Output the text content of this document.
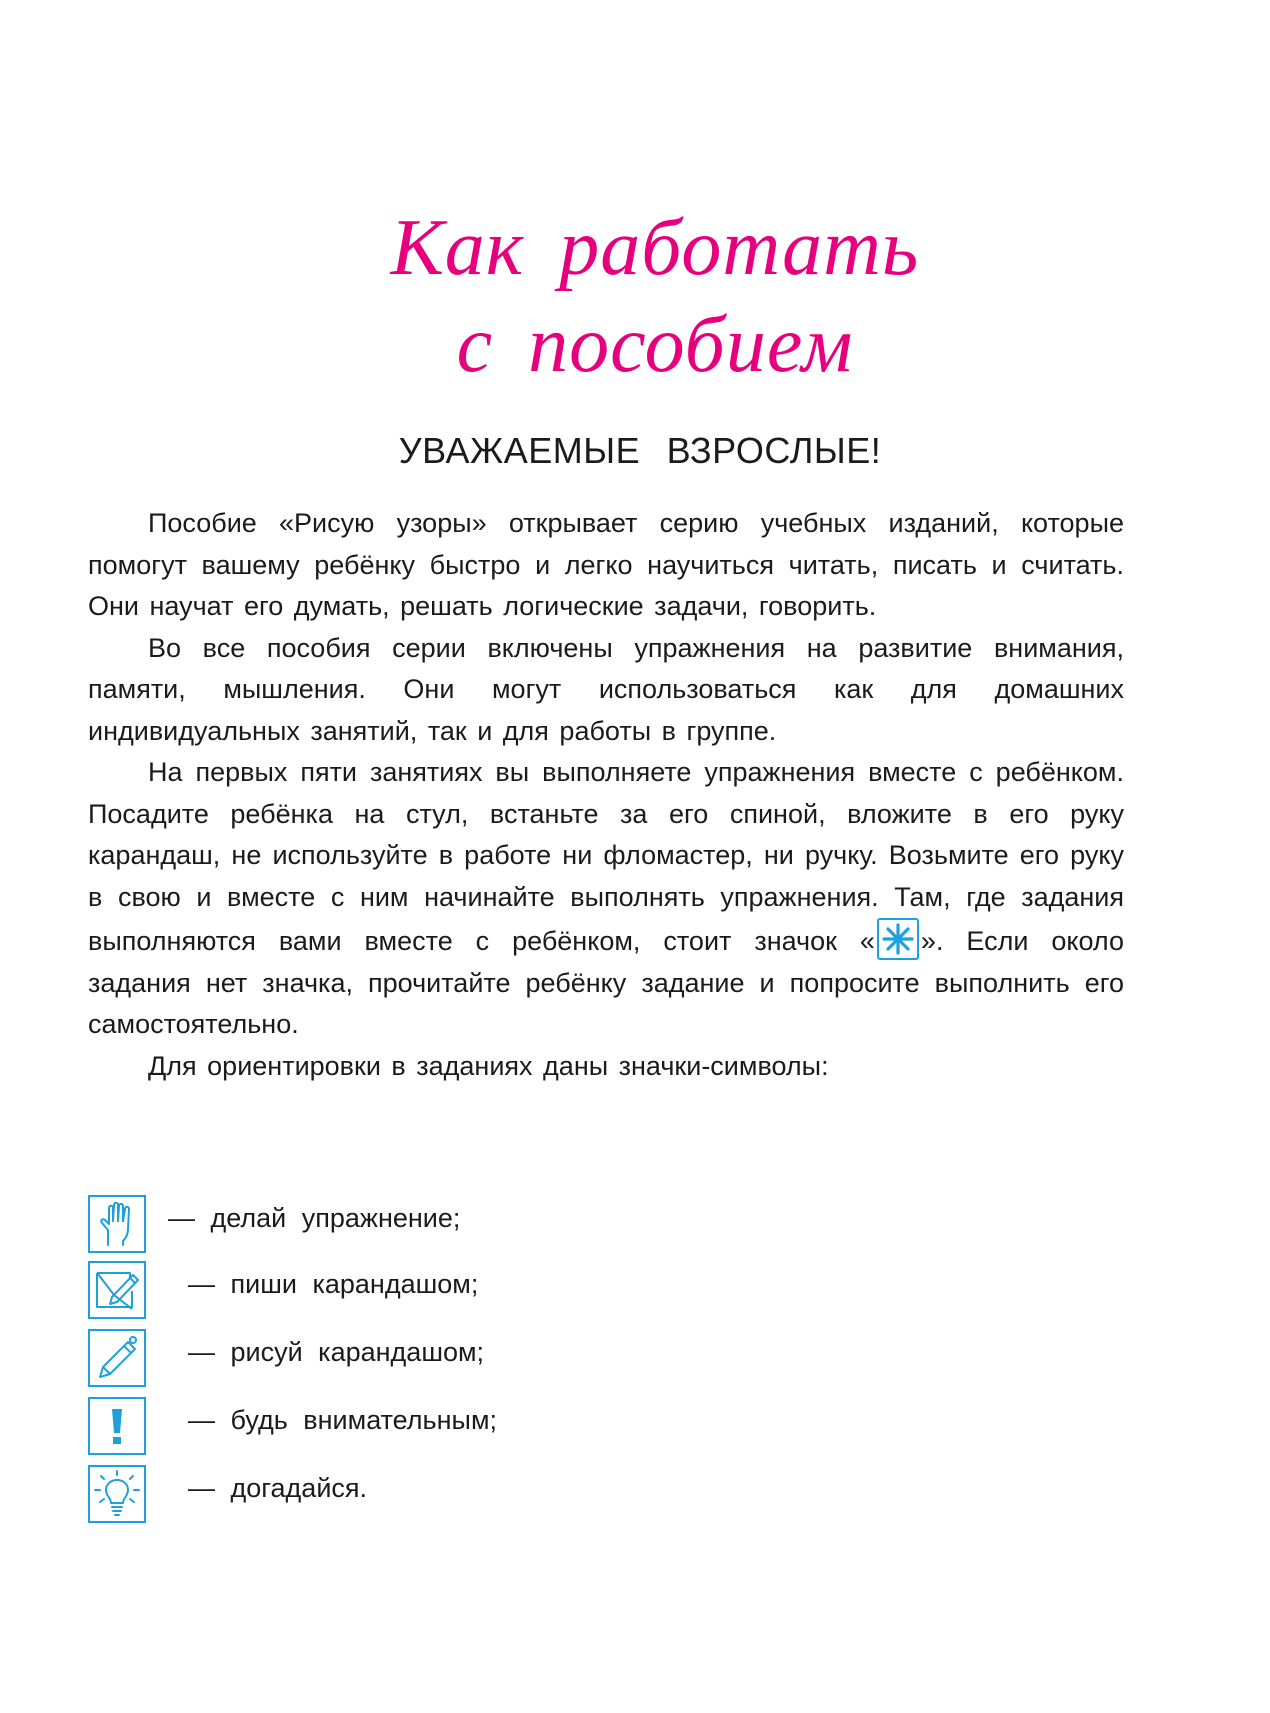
Как работать
с пособием
УВАЖАЕМЫЕ ВЗРОСЛЫЕ!

Пособие «Рисую узоры» открывает серию учебных изданий, которые помогут вашему ребёнку быстро и легко научиться читать, писать и считать. Они научат его думать, решать логические задачи, говорить.

Во все пособия серии включены упражнения на развитие внимания, памяти, мышления. Они могут использоваться как для домашних индивидуальных занятий, так и для работы в группе.

На первых пяти занятиях вы выполняете упражнения вместе с ребёнком. Посадите ребёнка на стул, встаньте за его спиной, вложите в его руку карандаш, не используйте в работе ни фломастер, ни ручку. Возьмите его руку в свою и вместе с ним начинайте выполнять упражнения. Там, где задания выполняются вами вместе с ребёнком, стоит значок « ». Если около задания нет значка, прочитайте ребёнку задание и попросите выполнить его самостоятельно.

Для ориентировки в заданиях даны значки-символы:

— делай упражнение;
— пиши карандашом;
— рисуй карандашом;
— будь внимательным;
— догадайся.
